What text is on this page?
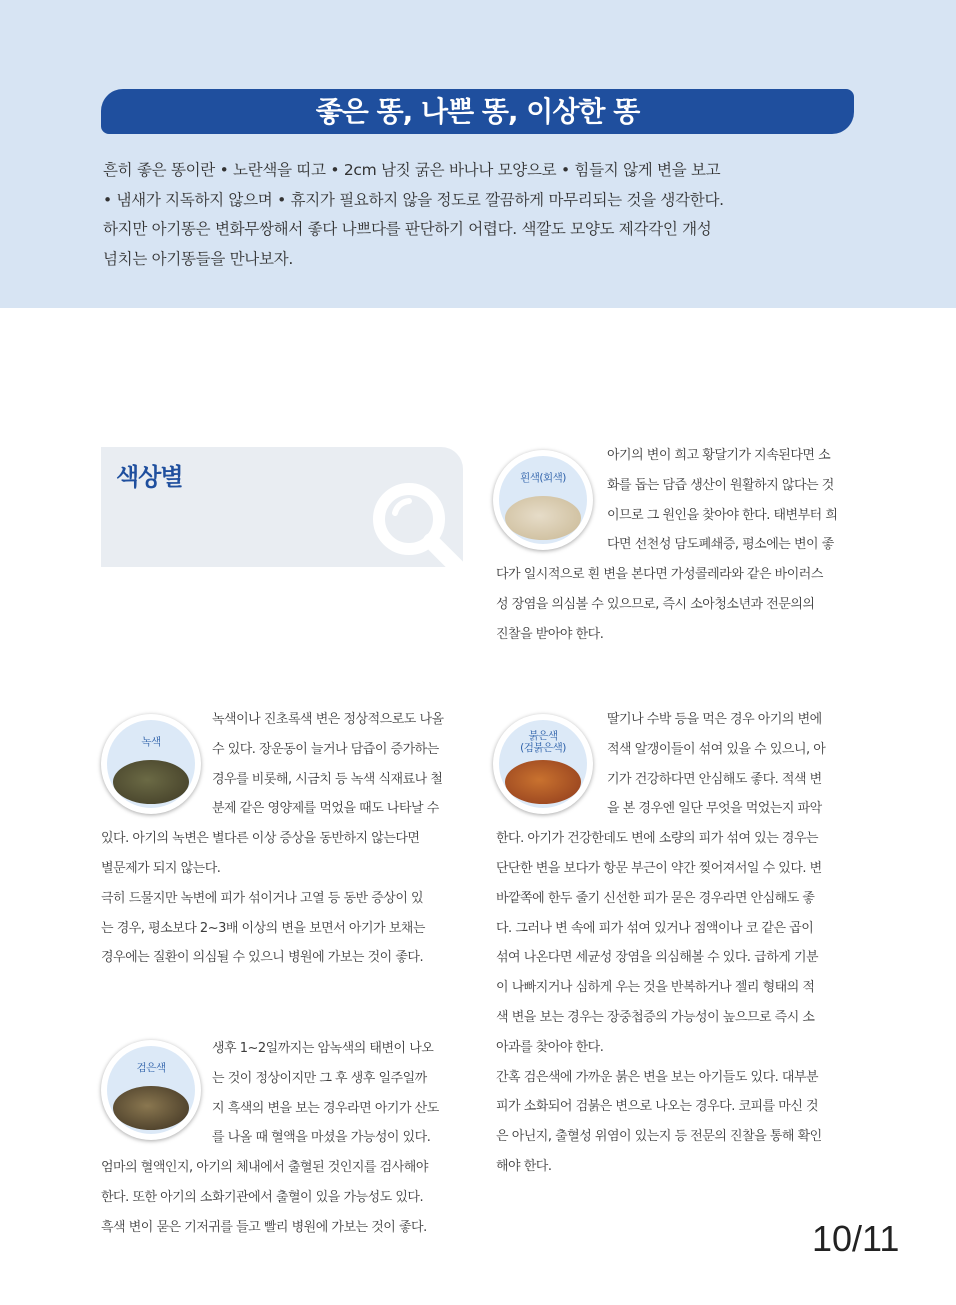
좋은 똥, 나쁜 똥, 이상한 똥
흔히 좋은 똥이란 • 노란색을 띠고 • 2cm 남짓 굵은 바나나 모양으로 • 힘들지 않게 변을 보고
• 냄새가 지독하지 않으며 • 휴지가 필요하지 않을 정도로 깔끔하게 마무리되는 것을 생각한다.
하지만 아기똥은 변화무쌍해서 좋다 나쁘다를 판단하기 어렵다. 색깔도 모양도 제각각인 개성
넘치는 아기똥들을 만나보자.
색상별	흰색(회색)
아기의 변이 희고 황달기가 지속된다면 소
화를 돕는 담즙 생산이 원활하지 않다는 것
이므로 그 원인을 찾아야 한다. 태변부터 희
다면 선천성 담도폐쇄증, 평소에는 변이 좋
다가 일시적으로 흰 변을 본다면 가성콜레라와 같은 바이러스
성 장염을 의심볼 수 있으므로, 즉시 소아청소년과 전문의의
진찰을 받아야 한다.
녹색
녹색이나 진초록색 변은 정상적으로도 나올
수 있다. 장운동이 늘거나 담즙이 증가하는
경우를 비롯해, 시금치 등 녹색 식재료나 철
분제 같은 영양제를 먹었을 때도 나타날 수
있다. 아기의 녹변은 별다른 이상 증상을 동반하지 않는다면
별문제가 되지 않는다.
극히 드물지만 녹변에 피가 섞이거나 고열 등 동반 증상이 있
는 경우, 평소보다 2~3배 이상의 변을 보면서 아기가 보채는
경우에는 질환이 의심될 수 있으니 병원에 가보는 것이 좋다.
붉은색
(검붉은색)
딸기나 수박 등을 먹은 경우 아기의 변에
적색 알갱이들이 섞여 있을 수 있으니, 아
기가 건강하다면 안심해도 좋다. 적색 변
을 본 경우엔 일단 무엇을 먹었는지 파악
한다. 아기가 건강한데도 변에 소량의 피가 섞여 있는 경우는
단단한 변을 보다가 항문 부근이 약간 찢어져서일 수 있다. 변
바깥쪽에 한두 줄기 신선한 피가 묻은 경우라면 안심해도 좋
다. 그러나 변 속에 피가 섞여 있거나 점액이나 코 같은 곱이
섞여 나온다면 세균성 장염을 의심해볼 수 있다. 급하게 기분
이 나빠지거나 심하게 우는 것을 반복하거나 젤리 형태의 적
색 변을 보는 경우는 장중첩증의 가능성이 높으므로 즉시 소
아과를 찾아야 한다.
간혹 검은색에 가까운 붉은 변을 보는 아기들도 있다. 대부분
피가 소화되어 검붉은 변으로 나오는 경우다. 코피를 마신 것
은 아닌지, 출혈성 위염이 있는지 등 전문의 진찰을 통해 확인
해야 한다.
검은색
생후 1~2일까지는 암녹색의 태변이 나오
는 것이 정상이지만 그 후 생후 일주일까
지 흑색의 변을 보는 경우라면 아기가 산도
를 나올 때 혈액을 마셨을 가능성이 있다.
엄마의 혈액인지, 아기의 체내에서 출혈된 것인지를 검사해야
한다. 또한 아기의 소화기관에서 출혈이 있을 가능성도 있다.
흑색 변이 묻은 기저귀를 들고 빨리 병원에 가보는 것이 좋다.	10/11
